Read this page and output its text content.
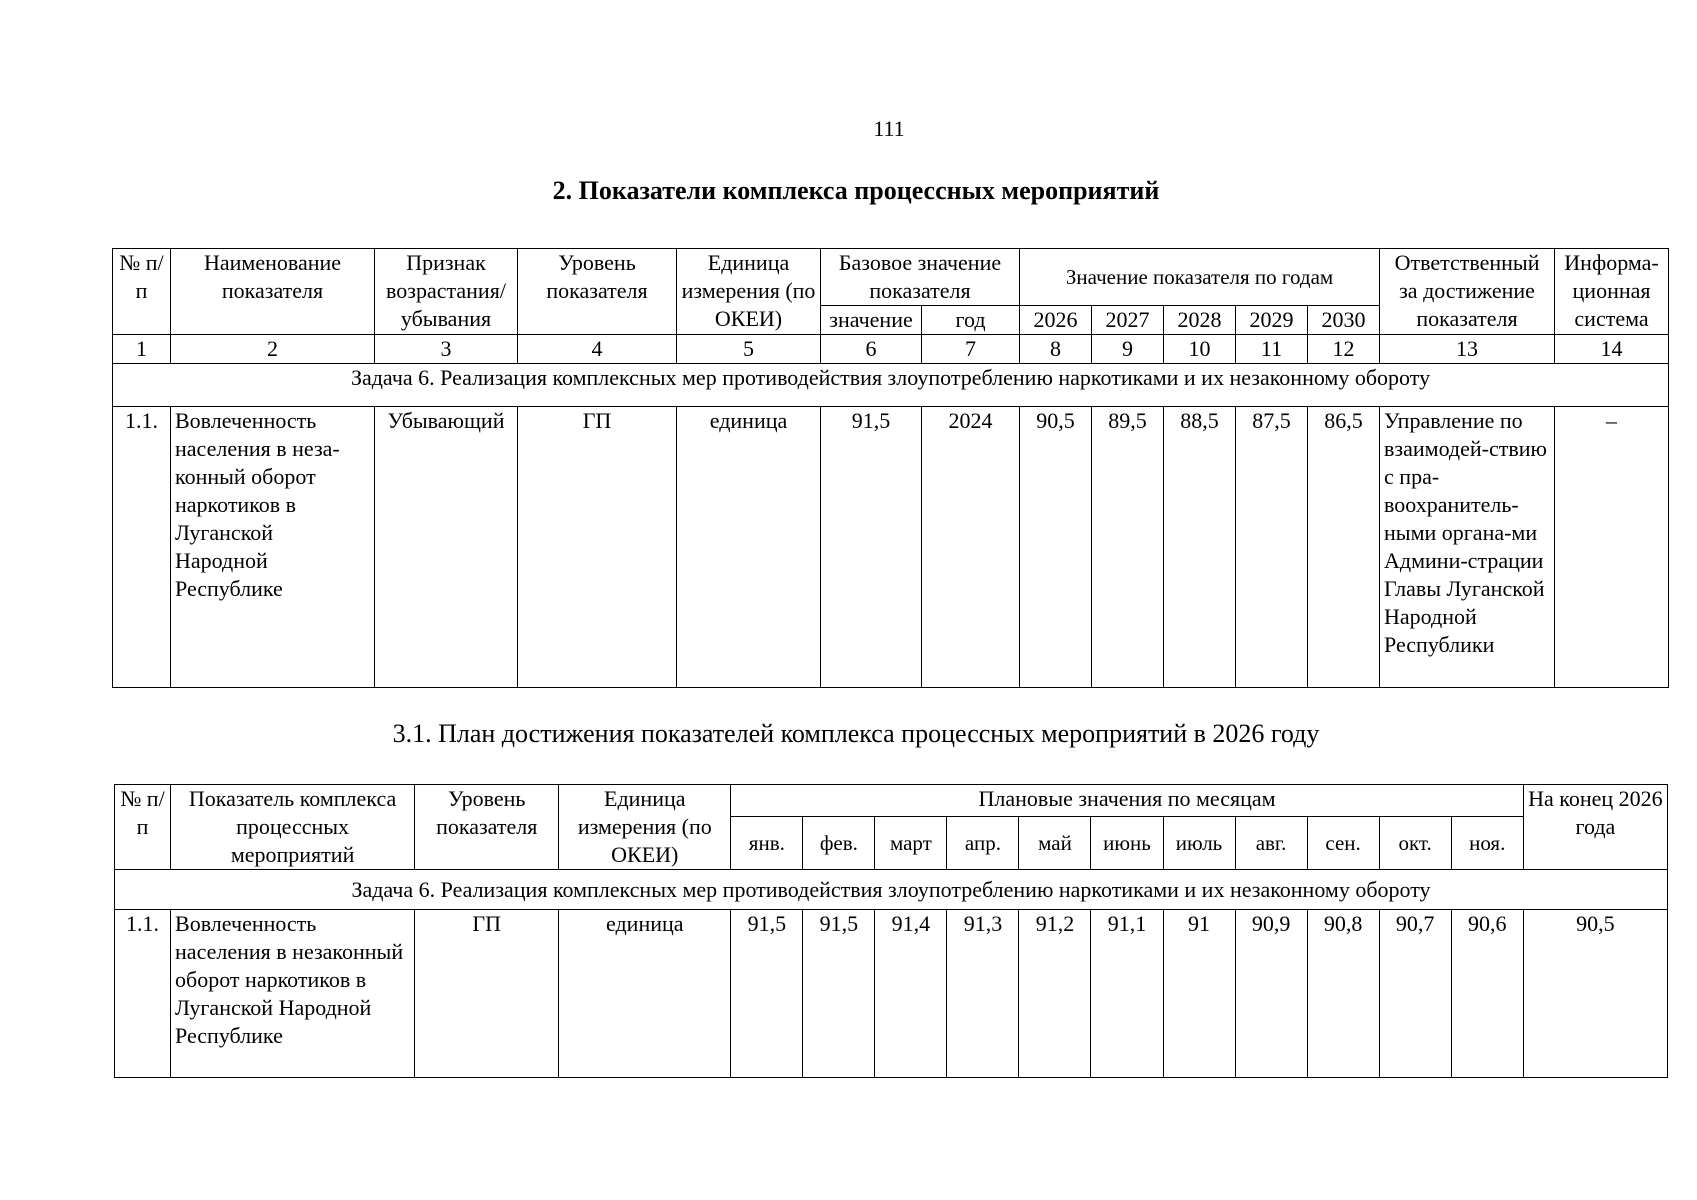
111
2. Показатели комплекса процессных мероприятий
№ п/п	Наименование показателя	Признак возрастания/ убывания	Уровень показателя	Единица измерения (по ОКЕИ)	Базовое значение показателя		Значение показателя по годам					Ответственный за достижение показателя	Информа-ционная система
					значение	год	2026	2027	2028	2029	2030		
1	2	3	4	5	6	7	8	9	10	11	12	13	14
Задача 6. Реализация комплексных мер противодействия злоупотреблению наркотиками и их незаконному обороту													
1.1.	Вовлеченность населения в неза-конный оборот наркотиков в Луганской Народной Республике	Убывающий	ГП	единица	91,5	2024	90,5	89,5	88,5	87,5	86,5	Управление по взаимодей-ствию с пра-воохранитель-ными органа-ми Админи-страции Главы Луганской Народной Республики	–
3.1. План достижения показателей комплекса процессных мероприятий в 2026 году
№ п/п	Показатель комплекса процессных мероприятий	Уровень показателя	Единица измерения (по ОКЕИ)	Плановые значения по месяцам											На конец 2026 года
				янв.	фев.	март	апр.	май	июнь	июль	авг.	сен.	окт.	ноя.	
Задача 6. Реализация комплексных мер противодействия злоупотреблению наркотиками и их незаконному обороту															
1.1.	Вовлеченность населения в незаконный оборот наркотиков в Луганской Народной Республике	ГП	единица	91,5	91,5	91,4	91,3	91,2	91,1	91	90,9	90,8	90,7	90,6	90,5
